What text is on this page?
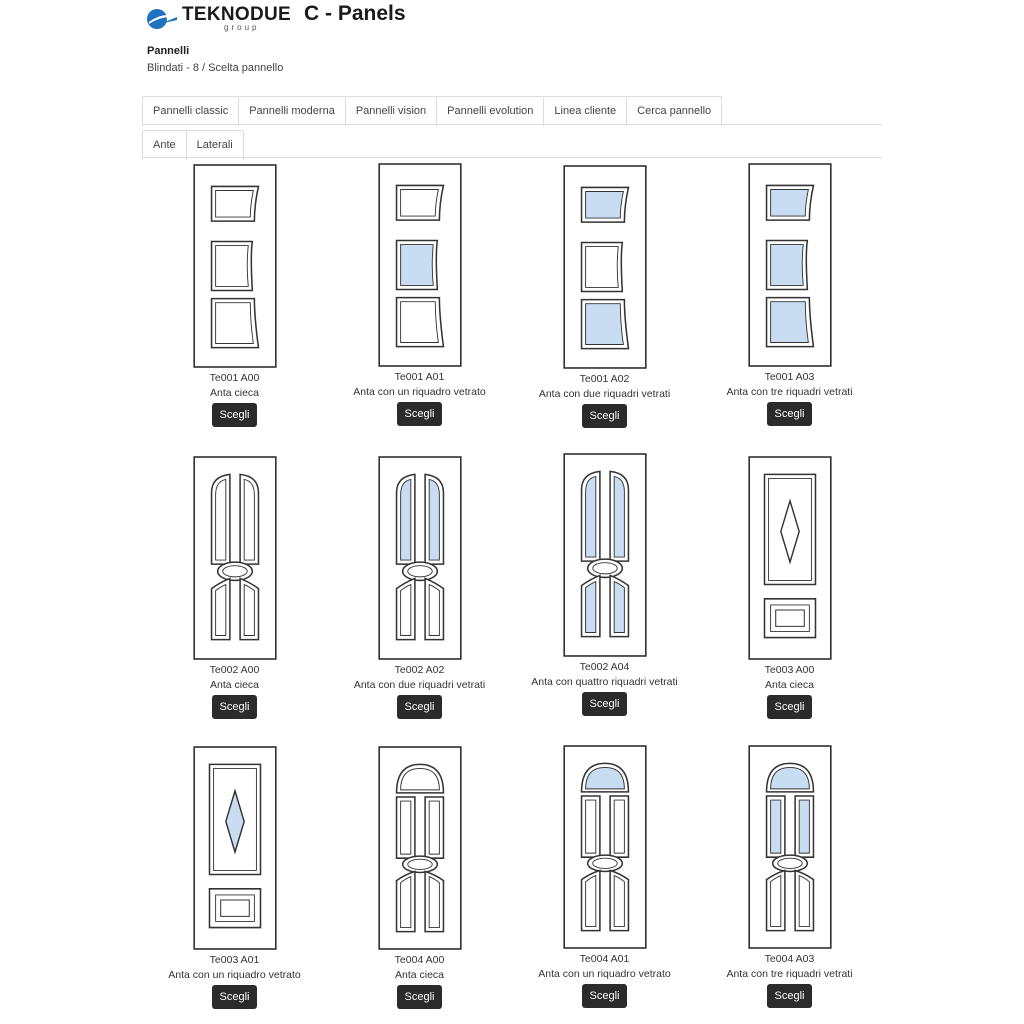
TEKNODUE
group
C - Panels
Pannelli
Blindati - 8 / Scelta pannello
Pannelli classic	Pannelli moderna	Pannelli vision	Pannelli evolution	Linea cliente	Cerca pannello
Ante	Laterali
Te001 A00
Anta cieca
Scegli
Te001 A01
Anta con un riquadro vetrato
Scegli
Te001 A02
Anta con due riquadri vetrati
Scegli
Te001 A03
Anta con tre riquadri vetrati
Scegli
Te002 A00
Anta cieca
Scegli
Te002 A02
Anta con due riquadri vetrati
Scegli
Te002 A04
Anta con quattro riquadri vetrati
Scegli
Te003 A00
Anta cieca
Scegli
Te003 A01
Anta con un riquadro vetrato
Scegli
Te004 A00
Anta cieca
Scegli
Te004 A01
Anta con un riquadro vetrato
Scegli
Te004 A03
Anta con tre riquadri vetrati
Scegli
